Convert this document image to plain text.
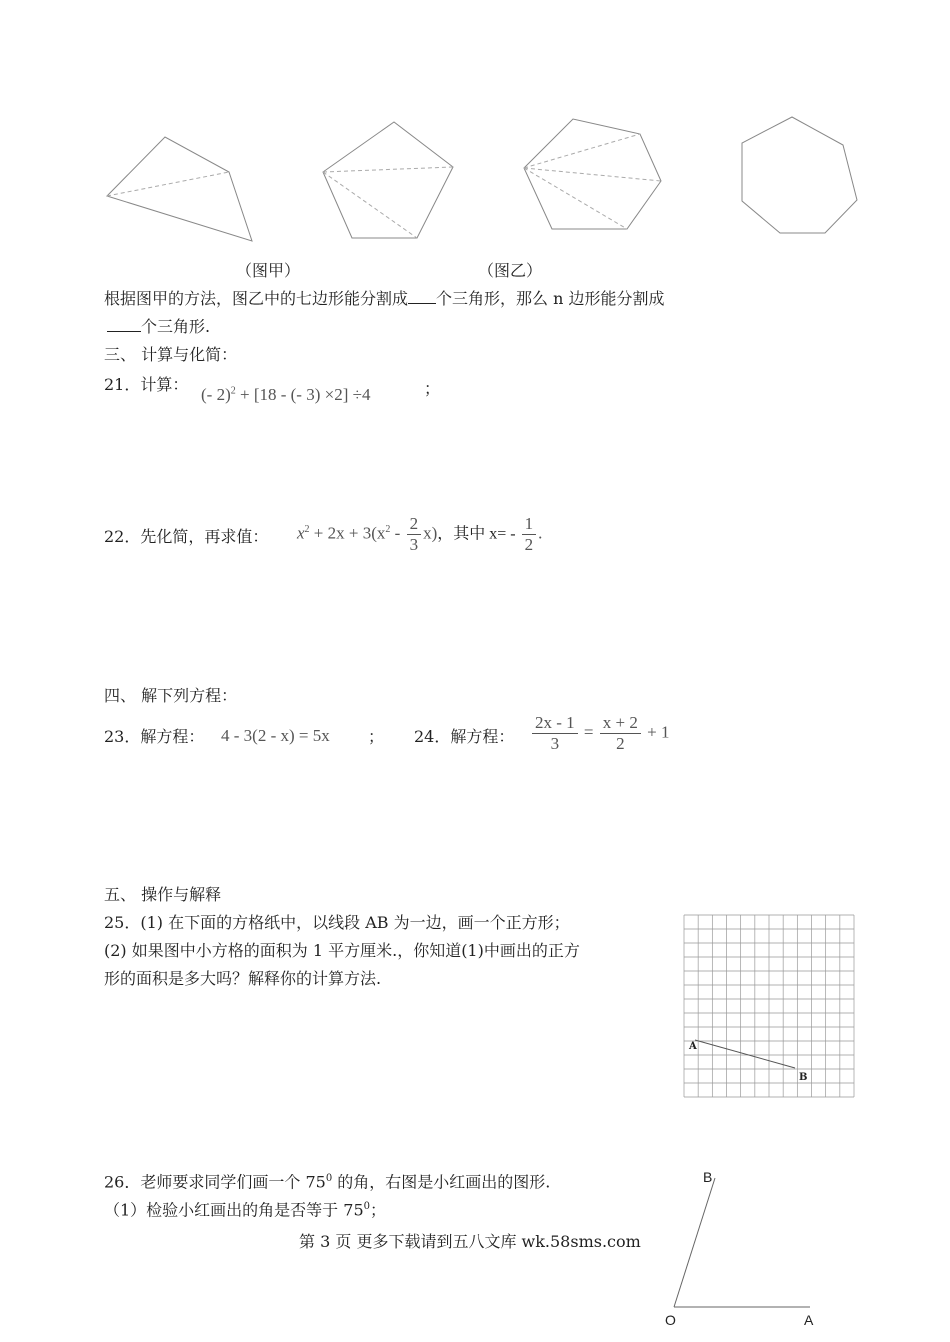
（图甲）	（图乙）
根据图甲的方法，图乙中的七边形能分割成 个三角形，那么 n 边形能分割成
个三角形.
三、 计算与化简：
21．计算：
(- 2)$^2$ + [18 - (- 3) ×2] ÷4	；
22．先化简，再求值： $x^2 + 2x + 3(x^2 - \frac{2}{3} x)$，其中 $x= - \frac{1}{2}$ .
四、 解下列方程：
23．解方程： 4 - 3(2 - x) = 5x ； 24．解方程： $\frac{2x - 1}{3} = \frac{x + 2}{2} + 1$
五、 操作与解释
25．(1) 在下面的方格纸中，以线段 AB 为一边，画一个正方形；
(2) 如果图中小方格的面积为 1 平方厘米.，你知道(1)中画出的正方
形的面积是多大吗？解释你的计算方法.
A
B
26．老师要求同学们画一个 $75^0$ 的角，右图是小红画出的图形.
（1）检验小红画出的角是否等于 $75^0$；
B
O	A
第 3 页 更多下载请到五八文库 wk.58sms.com
